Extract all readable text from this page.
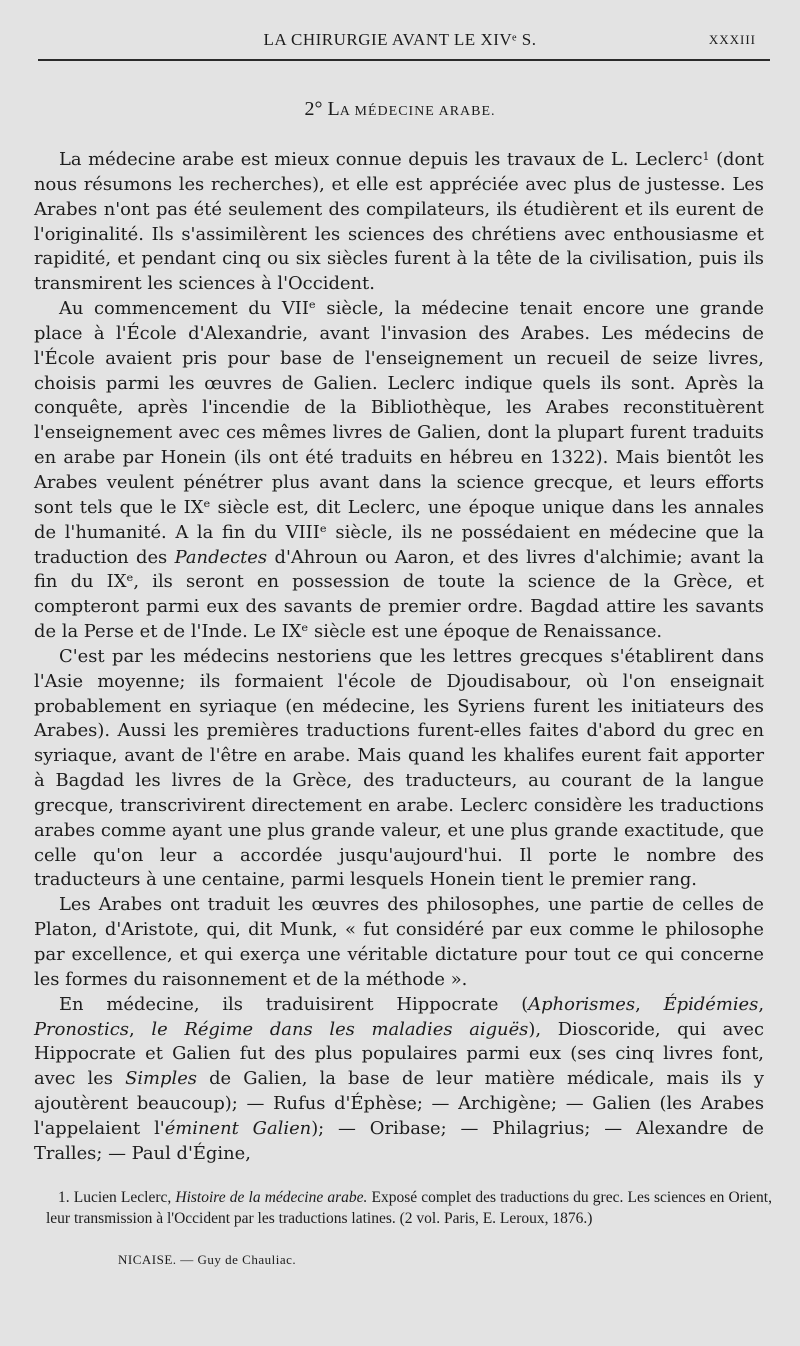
LA CHIRURGIE AVANT LE XIVᵉ S.	XXXIII
2° LA MÉDECINE ARABE.

La médecine arabe est mieux connue depuis les travaux de L. Leclerc$^1$ (dont nous résumons les recherches), et elle est appréciée avec plus de justesse. Les Arabes n'ont pas été seulement des compilateurs, ils étudièrent et ils eurent de l'originalité. Ils s'assimilèrent les sciences des chrétiens avec enthousiasme et rapidité, et pendant cinq ou six siècles furent à la tête de la civilisation, puis ils transmirent les sciences à l'Occident.

Au commencement du VIIᵉ siècle, la médecine tenait encore une grande place à l'École d'Alexandrie, avant l'invasion des Arabes. Les médecins de l'École avaient pris pour base de l'enseignement un recueil de seize livres, choisis parmi les œuvres de Galien. Leclerc indique quels ils sont. Après la conquête, après l'incendie de la Bibliothèque, les Arabes reconstituèrent l'enseignement avec ces mêmes livres de Galien, dont la plupart furent traduits en arabe par Honein (ils ont été traduits en hébreu en 1322). Mais bientôt les Arabes veulent pénétrer plus avant dans la science grecque, et leurs efforts sont tels que le IXᵉ siècle est, dit Leclerc, une époque unique dans les annales de l'humanité. A la fin du VIIIᵉ siècle, ils ne possédaient en médecine que la traduction des Pandectes d'Ahroun ou Aaron, et des livres d'alchimie; avant la fin du IXᵉ, ils seront en possession de toute la science de la Grèce, et compteront parmi eux des savants de premier ordre. Bagdad attire les savants de la Perse et de l'Inde. Le IXᵉ siècle est une époque de Renaissance.

C'est par les médecins nestoriens que les lettres grecques s'établirent dans l'Asie moyenne; ils formaient l'école de Djoudisabour, où l'on enseignait probablement en syriaque (en médecine, les Syriens furent les initiateurs des Arabes). Aussi les premières traductions furent-elles faites d'abord du grec en syriaque, avant de l'être en arabe. Mais quand les khalifes eurent fait apporter à Bagdad les livres de la Grèce, des traducteurs, au courant de la langue grecque, transcrivirent directement en arabe. Leclerc considère les traductions arabes comme ayant une plus grande valeur, et une plus grande exactitude, que celle qu'on leur a accordée jusqu'aujourd'hui. Il porte le nombre des traducteurs à une centaine, parmi lesquels Honein tient le premier rang.

Les Arabes ont traduit les œuvres des philosophes, une partie de celles de Platon, d'Aristote, qui, dit Munk, « fut considéré par eux comme le philosophe par excellence, et qui exerça une véritable dictature pour tout ce qui concerne les formes du raisonnement et de la méthode ».

En médecine, ils traduisirent Hippocrate (Aphorismes, Épidémies, Pronostics, le Régime dans les maladies aiguës), Dioscoride, qui avec Hippocrate et Galien fut des plus populaires parmi eux (ses cinq livres font, avec les Simples de Galien, la base de leur matière médicale, mais ils y ajoutèrent beaucoup); — Rufus d'Éphèse; — Archigène; — Galien (les Arabes l'appelaient l'éminent Galien); — Oribase; — Philagrius; — Alexandre de Tralles; — Paul d'Égine,

1. Lucien Leclerc, Histoire de la médecine arabe. Exposé complet des traductions du grec. Les sciences en Orient, leur transmission à l'Occident par les traductions latines. (2 vol. Paris, E. Leroux, 1876.)

NICAISE. — Guy de Chauliac.
